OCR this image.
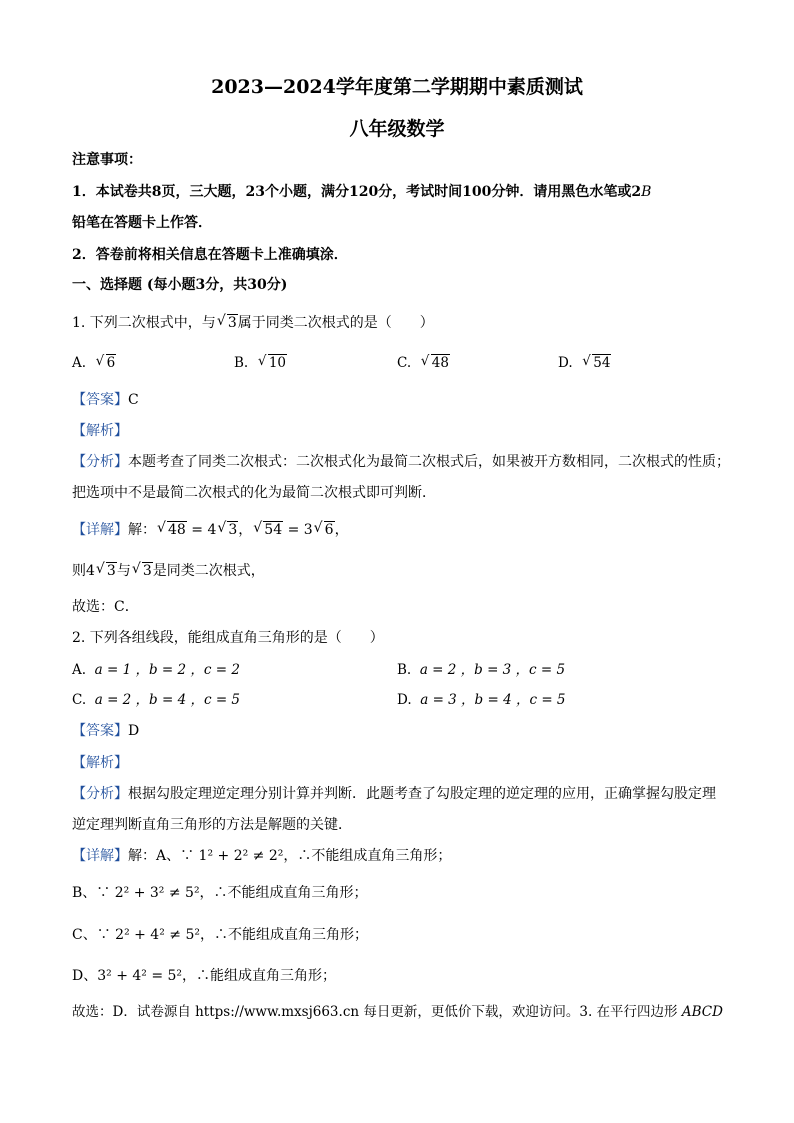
2023—2024学年度第二学期期中素质测试
八年级数学
注意事项：
1．本试卷共8页，三大题，23个小题，满分120分，考试时间100分钟．请用黑色水笔或2B
铅笔在答题卡上作答．
2．答卷前将相关信息在答题卡上准确填涂．
一、选择题 (每小题3分，共30分)
1. 下列二次根式中，与 √ 3属于同类二次根式的是（　　）
A. √ 6	B. √ 10	C. √ 48	D. √ 54
【答案】C
【解析】
【分析】本题考查了同类二次根式：二次根式化为最简二次根式后，如果被开方数相同，二次根式的性质；
把选项中不是最简二次根式的化为最简二次根式即可判断．
【详解】解： √ 48 = 4 √ 3， √ 54 = 3 √ 6，
则4 √ 3与 √ 3是同类二次根式，
故选：C．
2. 下列各组线段，能组成直角三角形的是（　　）
A. a = 1 ，b = 2 ，c = 2	B. a = 2 ，b = 3 ，c = 5
C. a = 2 ，b = 4 ，c = 5	D. a = 3 ，b = 4 ，c = 5
【答案】D
【解析】
【分析】根据勾股定理逆定理分别计算并判断．此题考查了勾股定理的逆定理的应用，正确掌握勾股定理
逆定理判断直角三角形的方法是解题的关键．
【详解】解：A、∵ 1² + 2² ≠ 2²，∴不能组成直角三角形；
B、∵ 2² + 3² ≠ 5²，∴不能组成直角三角形；
C、∵ 2² + 4² ≠ 5²，∴不能组成直角三角形；
D、3² + 4² = 5²，∴能组成直角三角形；
故选：D．试卷源自 https://www.mxsj663.cn 每日更新，更低价下载，欢迎访问。3. 在平行四边形 ABCD
